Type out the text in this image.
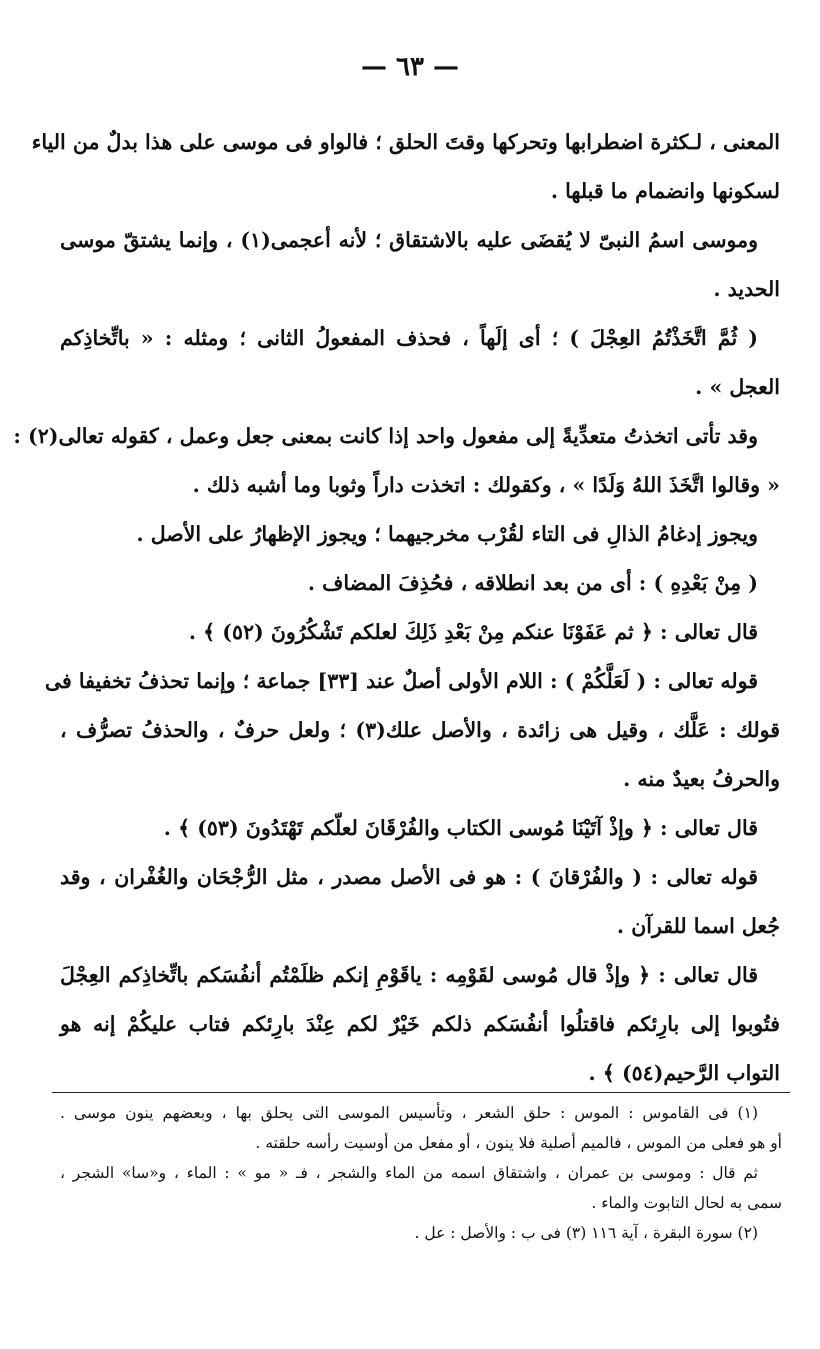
— ٦٣ —
المعنى ، لـكثرة اضطرابها وتحركها وقتَ الحلق ؛ فالواو فى موسى على هذا بدلٌ من الياء
لسكونها وانضمام ما قبلها .
وموسى اسمُ النبىّ لا يُقضَى عليه بالاشتقاق ؛ لأنه أعجمى(١) ، وإنما يشتقّ موسى
الحديد .
( ثُمَّ اتَّخَذْتُمُ العِجْلَ ) ؛ أى إلَهاً ، فحذف المفعولُ الثانى ؛ ومثله : « باتِّخاذِكم
العجل » .
وقد تأتى اتخذتُ متعدِّيةً إلى مفعول واحد إذا كانت بمعنى جعل وعمل ، كقوله تعالى(٢) :
« وقالوا اتَّخَذَ اللهُ وَلَدًا » ، وكقولك : اتخذت داراً وثوبا وما أشبه ذلك .
ويجوز إدغامُ الذالِ فى التاء لقُرْب مخرجيهما ؛ ويجوز الإظهارُ على الأصل .
( مِنْ بَعْدِهِ ) : أى من بعد انطلاقه ، فحُذِفَ المضاف .
قال تعالى : ﴿ ثم عَفَوْنَا عنكم مِنْ بَعْدِ ذَلِكَ لعلكم تَشْكُرُونَ (٥٢) ﴾ .
قوله تعالى : ( لَعَلَّكُمْ ) : اللام الأولى أصلٌ عند [٣٣] جماعة ؛ وإنما تحذفُ تخفيفا فى
قولك : عَلَّك ، وقيل هى زائدة ، والأصل علك(٣) ؛ ولعل حرفٌ ، والحذفُ تصرُّف ،
والحرفُ بعيدٌ منه .
قال تعالى : ﴿ وإذْ آتَيْنَا مُوسى الكتاب والفُرْقَانَ لعلّكم تَهْتَدُونَ (٥٣) ﴾ .
قوله تعالى : ( والفُرْقانَ ) : هو فى الأصل مصدر ، مثل الرُّجْحَان والغُفْران ، وقد
جُعل اسما للقرآن .
قال تعالى : ﴿ وإذْ قال مُوسى لقَوْمِه : ياقَوْمِ إنكم ظلَمْتُم أنفُسَكم باتِّخاذِكم العِجْلَ
فتُوبوا إلى بارِئكم فاقتلُوا أنفُسَكم ذلكم خَيْرٌ لكم عِنْدَ بارِئكم فتاب عليكُمْ إنه هو
التواب الرَّحيم(٥٤) ﴾ .
(١) فى القاموس : الموس : حلق الشعر ، وتأسيس الموسى التى يحلق بها ، وبعضهم ينون موسى .
أو هو فعلى من الموس ، فالميم أصلية فلا ينون ، أو مفعل من أوسيت رأسه حلقته .
ثم قال : وموسى بن عمران ، واشتقاق اسمه من الماء والشجر ، فـ « مو » : الماء ، و«سا» الشجر ،
سمى به لحال التابوت والماء .
(٢) سورة البقرة ، آية ١١٦ (٣) فى ب : والأصل : عل .
